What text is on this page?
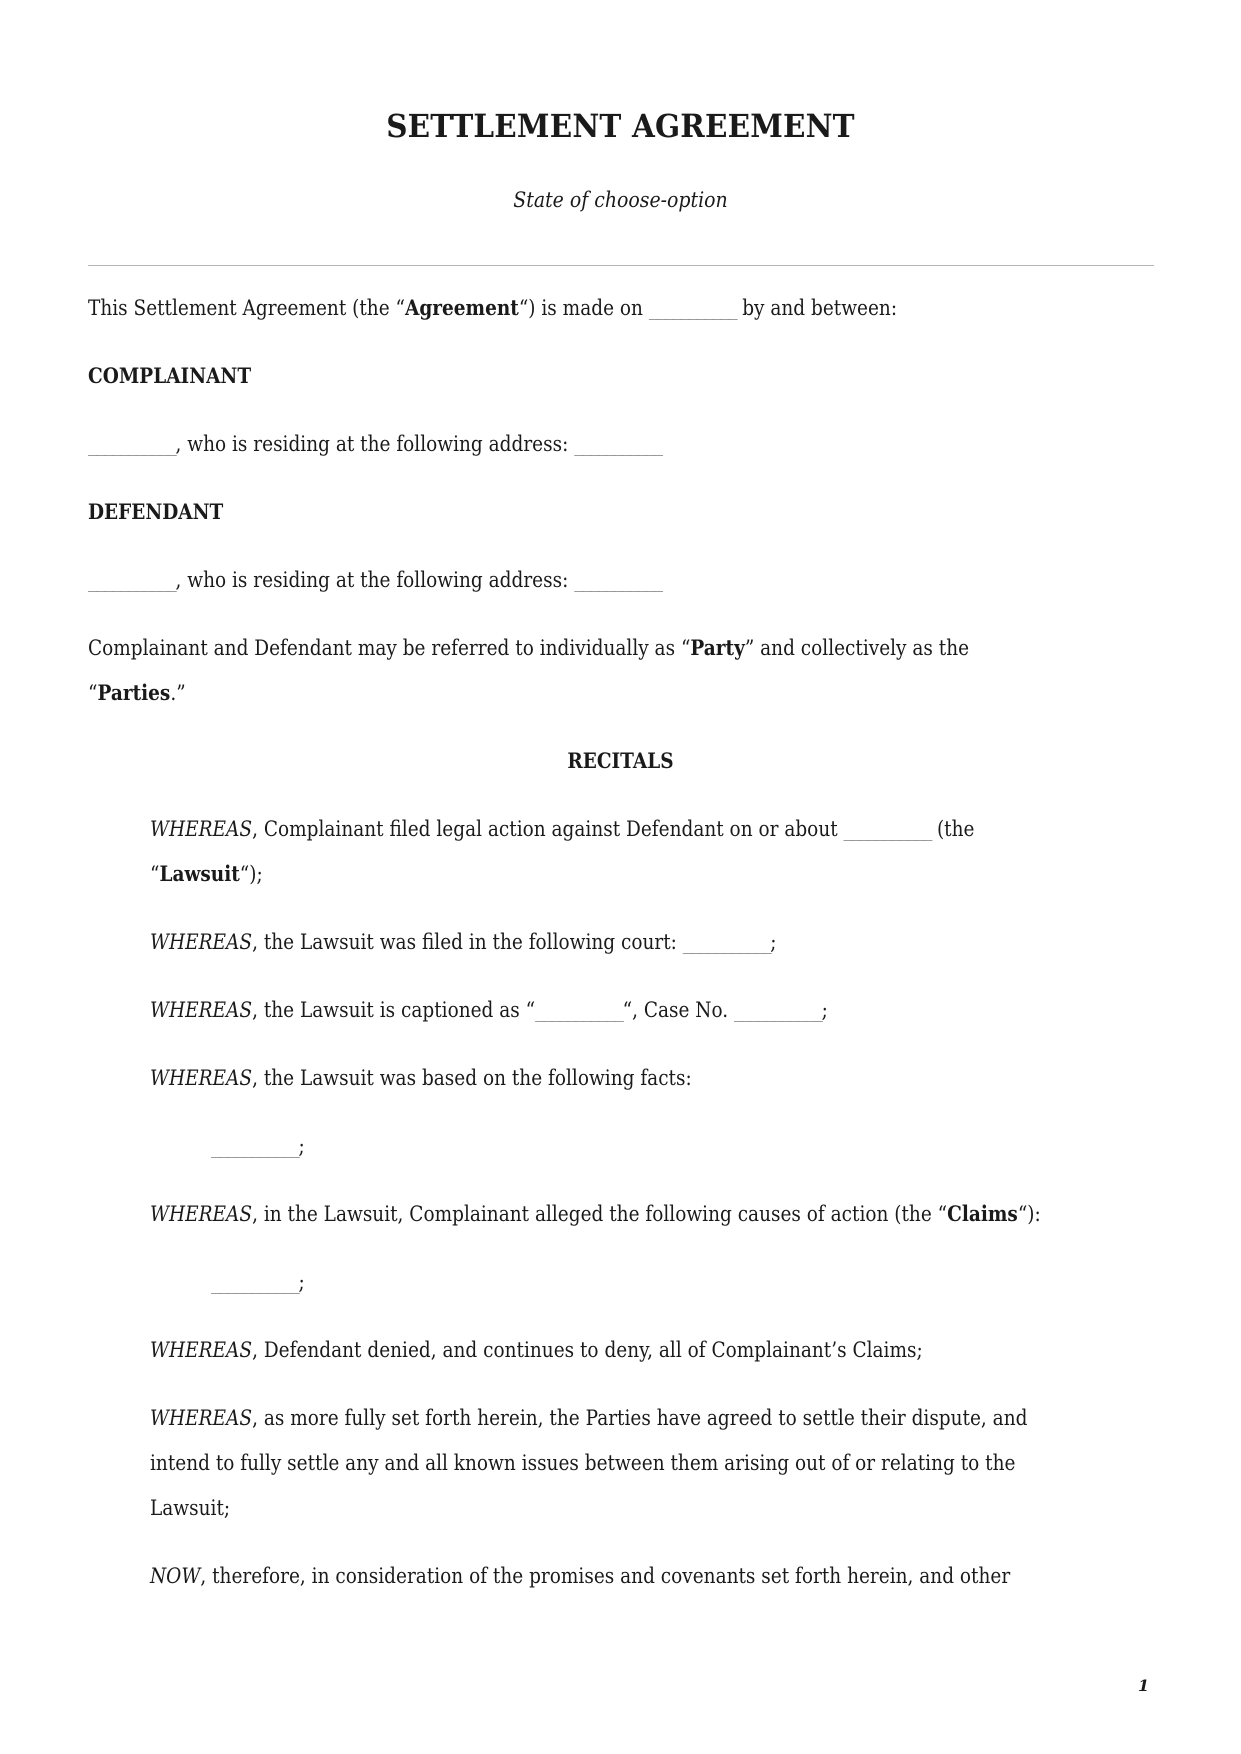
SETTLEMENT AGREEMENT
State of choose-option
This Settlement Agreement (the “Agreement“) is made on ___________ by and between:
COMPLAINANT
___________, who is residing at the following address: ___________
DEFENDANT
___________, who is residing at the following address: ___________
Complainant and Defendant may be referred to individually as “Party” and collectively as the
“Parties.”
RECITALS
WHEREAS, Complainant filed legal action against Defendant on or about ___________ (the
“Lawsuit“);
WHEREAS, the Lawsuit was filed in the following court: ___________;
WHEREAS, the Lawsuit is captioned as “___________“, Case No. ___________;
WHEREAS, the Lawsuit was based on the following facts:
___________;
WHEREAS, in the Lawsuit, Complainant alleged the following causes of action (the “Claims“):
___________;
WHEREAS, Defendant denied, and continues to deny, all of Complainant’s Claims;
WHEREAS, as more fully set forth herein, the Parties have agreed to settle their dispute, and
intend to fully settle any and all known issues between them arising out of or relating to the
Lawsuit;
NOW, therefore, in consideration of the promises and covenants set forth herein, and other
1
